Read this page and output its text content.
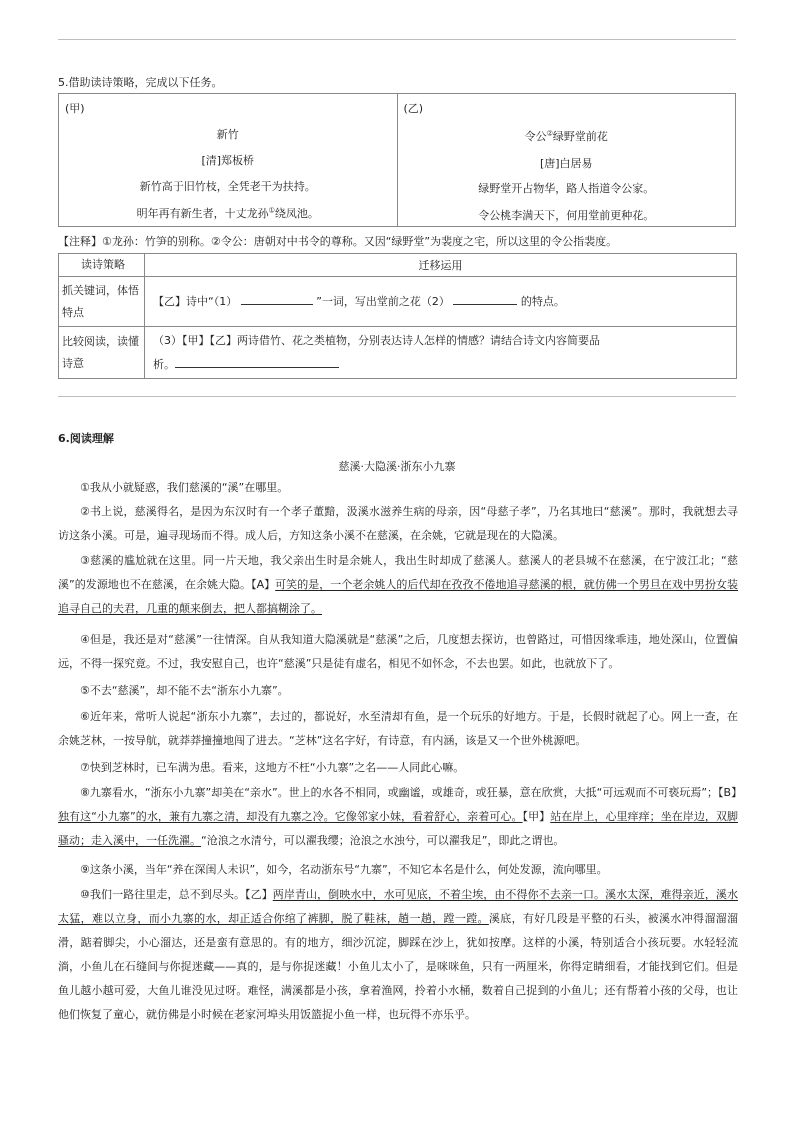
5.借助读诗策略，完成以下任务。
(甲)
新竹
[清]郑板桥
新竹高于旧竹枝，全凭老干为扶持。
明年再有新生者，十丈龙孙①绕凤池。
(乙)
令公②绿野堂前花
[唐]白居易
绿野堂开占物华，路人指道令公家。
令公桃李满天下，何用堂前更种花。
【注释】①龙孙：竹笋的别称。②令公：唐朝对中书令的尊称。又因“绿野堂”为裴度之宅，所以这里的令公指裴度。
读诗策略	迁移运用
抓关键词，体悟特点	【乙】诗中“（1） ”一词，写出堂前之花（2） 的特点。
比较阅读，读懂诗意	（3）【甲】【乙】两诗借竹、花之类植物，分别表达诗人怎样的情感？请结合诗文内容简要品
析。
6.阅读理解
慈溪·大隐溪·浙东小九寨
①我从小就疑惑，我们慈溪的“溪”在哪里。
②书上说，慈溪得名，是因为东汉时有一个孝子董黯，汲溪水滋养生病的母亲，因“母慈子孝”，乃名其地曰“慈溪”。那时，我就想去寻访这条小溪。可是，遍寻现场而不得。成人后，方知这条小溪不在慈溪，在余姚，它就是现在的大隐溪。
③慈溪的尴尬就在这里。同一片天地，我父亲出生时是余姚人，我出生时却成了慈溪人。慈溪人的老县城不在慈溪，在宁波江北；“慈溪”的发源地也不在慈溪，在余姚大隐。【A】可笑的是，一个老余姚人的后代却在孜孜不倦地追寻慈溪的根，就仿佛一个男旦在戏中男扮女装追寻自己的夫君，几重的颠来倒去，把人都搞糊涂了。
④但是，我还是对“慈溪”一往情深。自从我知道大隐溪就是“慈溪”之后，几度想去探访，也曾路过，可惜因缘乖违，地处深山，位置偏远，不得一探究竟。不过，我安慰自己，也许“慈溪”只是徒有虚名，相见不如怀念，不去也罢。如此，也就放下了。
⑤不去“慈溪”，却不能不去“浙东小九寨”。
⑥近年来，常听人说起“浙东小九寨”，去过的，都说好，水至清却有鱼，是一个玩乐的好地方。于是，长假时就起了心。网上一查，在余姚芝林，一按导航，就莽莽撞撞地闯了进去。“芝林”这名字好，有诗意，有内涵，该是又一个世外桃源吧。
⑦快到芝林时，已车满为患。看来，这地方不枉“小九寨”之名——人同此心嘛。
⑧九寨看水，“浙东小九寨”却美在“亲水”。世上的水各不相同，或幽谧，或雄奇，或狂暴，意在欣赏，大抵“可远观而不可亵玩焉”；【B】独有这“小九寨”的水，兼有九寨之清，却没有九寨之冷。它像邻家小妹，看着舒心，亲着可心。【甲】站在岸上，心里痒痒；坐在岸边，双脚骚动；走入溪中，一任洗濯。“沧浪之水清兮，可以濯我缨；沧浪之水浊兮，可以濯我足”，即此之谓也。
⑨这条小溪，当年“养在深闺人未识”，如今，名动浙东号“九寨”，不知它本名是什么，何处发源，流向哪里。
⑩我们一路往里走，总不到尽头。【乙】两岸青山，倒映水中，水可见底，不着尘埃，由不得你不去亲一口。溪水太深，难得亲近，溪水太猛，难以立身，而小九寨的水，却正适合你绾了裤脚，脱了鞋袜，趟一趟，蹚一蹚。溪底，有好几段是平整的石头，被溪水冲得溜溜溜滑，踮着脚尖，小心溜达，还是蛮有意思的。有的地方，细沙沉淀，脚踩在沙上，犹如按摩。这样的小溪，特别适合小孩玩要。水轻轻流淌，小鱼儿在石缝间与你捉迷藏——真的，是与你捉迷藏！小鱼儿太小了，是咪咪鱼，只有一两厘米，你得定睛细看，才能找到它们。但是鱼儿越小越可爱，大鱼儿谁没见过呀。难怪，满溪都是小孩，拿着渔网，拎着小水桶，数着自己捉到的小鱼儿；还有帮着小孩的父母，也让他们恢复了童心，就仿佛是小时候在老家河埠头用饭篮捉小鱼一样，也玩得不亦乐乎。
